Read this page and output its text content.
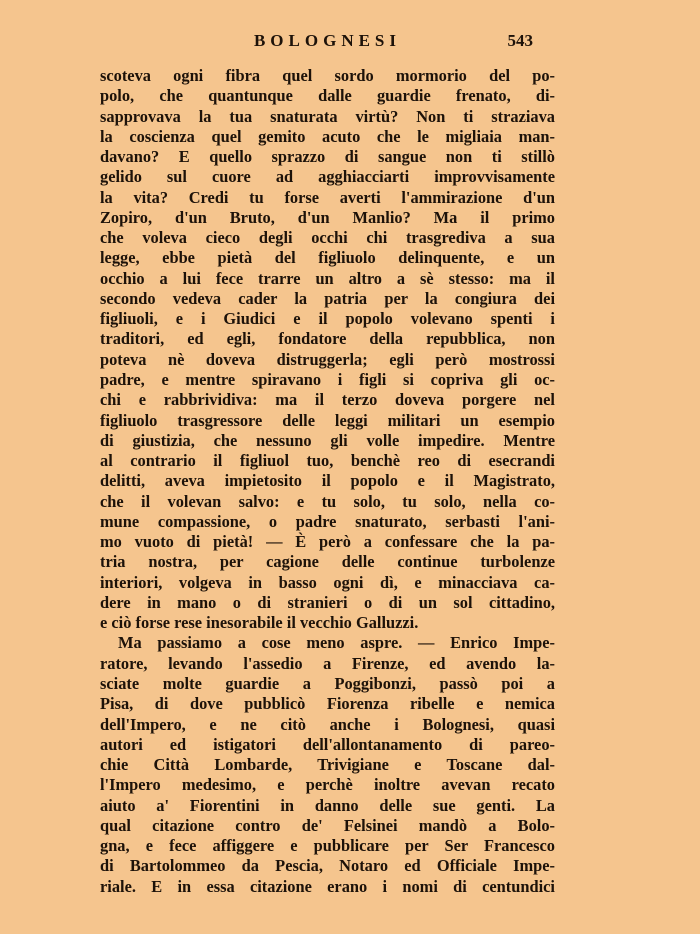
BOLOGNESI	543
scoteva ogni fibra quel sordo mormorio del po-
polo, che quantunque dalle guardie frenato, di-
sapprovava la tua snaturata virtù? Non ti straziava
la coscienza quel gemito acuto che le migliaia man-
davano? E quello sprazzo di sangue non ti stillò
gelido sul cuore ad agghiacciarti improvvisamente
la vita? Credi tu forse averti l'ammirazione d'un
Zopiro, d'un Bruto, d'un Manlio? Ma il primo
che voleva cieco degli occhi chi trasgrediva a sua
legge, ebbe pietà del figliuolo delinquente, e un
occhio a lui fece trarre un altro a sè stesso: ma il
secondo vedeva cader la patria per la congiura dei
figliuoli, e i Giudici e il popolo volevano spenti i
traditori, ed egli, fondatore della repubblica, non
poteva nè doveva distruggerla; egli però mostrossi
padre, e mentre spiravano i figli si copriva gli oc-
chi e rabbrividiva: ma il terzo doveva porgere nel
figliuolo trasgressore delle leggi militari un esempio
di giustizia, che nessuno gli volle impedire. Mentre
al contrario il figliuol tuo, benchè reo di esecrandi
delitti, aveva impietosito il popolo e il Magistrato,
che il volevan salvo: e tu solo, tu solo, nella co-
mune compassione, o padre snaturato, serbasti l'ani-
mo vuoto di pietà! — È però a confessare che la pa-
tria nostra, per cagione delle continue turbolenze
interiori, volgeva in basso ogni dì, e minacciava ca-
dere in mano o di stranieri o di un sol cittadino,
e ciò forse rese inesorabile il vecchio Galluzzi.
Ma passiamo a cose meno aspre. — Enrico Impe-
ratore, levando l'assedio a Firenze, ed avendo la-
sciate molte guardie a Poggibonzi, passò poi a
Pisa, di dove pubblicò Fiorenza ribelle e nemica
dell'Impero, e ne citò anche i Bolognesi, quasi
autori ed istigatori dell'allontanamento di pareo-
chie Città Lombarde, Trivigiane e Toscane dal-
l'Impero medesimo, e perchè inoltre avevan recato
aiuto a' Fiorentini in danno delle sue genti. La
qual citazione contro de' Felsinei mandò a Bolo-
gna, e fece affiggere e pubblicare per Ser Francesco
di Bartolommeo da Pescia, Notaro ed Officiale Impe-
riale. E in essa citazione erano i nomi di centundici
